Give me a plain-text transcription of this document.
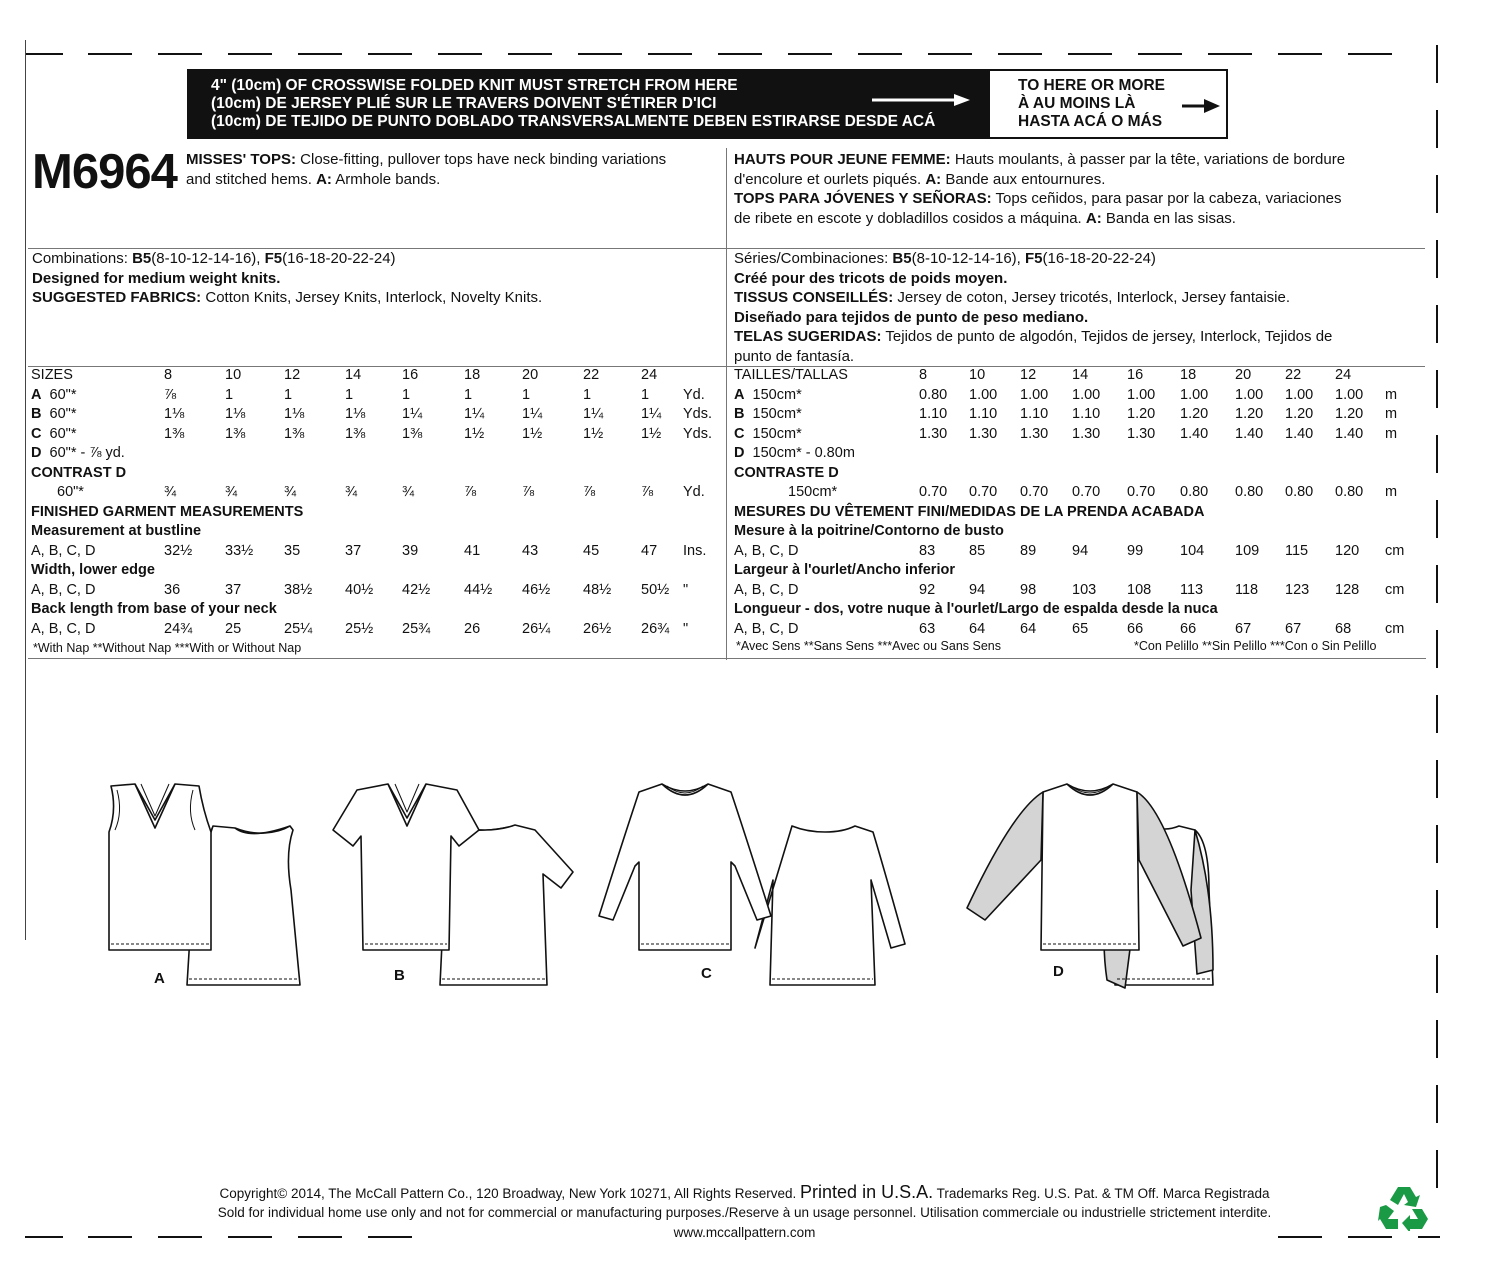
4" (10cm) OF CROSSWISE FOLDED KNIT MUST STRETCH FROM HERE
(10cm) DE JERSEY PLIÉ SUR LE TRAVERS DOIVENT S'ÉTIRER D'ICI
(10cm) DE TEJIDO DE PUNTO DOBLADO TRANSVERSALMENTE DEBEN ESTIRARSE DESDE ACÁ
TO HERE OR MORE
À AU MOINS LÀ
HASTA ACÁ O MÁS
M6964 MISSES' TOPS: Close-fitting, pullover tops have neck binding variations
and stitched hems. A: Armhole bands.
Combinations: B5(8-10-12-14-16), F5(16-18-20-22-24)
Designed for medium weight knits.
SUGGESTED FABRICS: Cotton Knits, Jersey Knits, Interlock, Novelty Knits.
HAUTS POUR JEUNE FEMME: Hauts moulants, à passer par la tête, variations de bordure
d'encolure et ourlets piqués. A: Bande aux entournures.
TOPS PARA JÓVENES Y SEÑORAS: Tops ceñidos, para pasar por la cabeza, variaciones
de ribete en escote y dobladillos cosidos a máquina. A: Banda en las sisas.
Séries/Combinaciones: B5(8-10-12-14-16), F5(16-18-20-22-24)
Créé pour des tricots de poids moyen.
TISSUS CONSEILLÉS: Jersey de coton, Jersey tricotés, Interlock, Jersey fantaisie.
Diseñado para tejidos de punto de peso mediano.
TELAS SUGERIDAS: Tejidos de punto de algodón, Tejidos de jersey, Interlock, Tejidos de
punto de fantasía.
SIZES	8	10	12	14	16	18	20	22	24	
A  60"*	⅞	1	1	1	1	1	1	1	1	Yd.
B  60"*	1⅛	1⅛	1⅛	1⅛	1¼	1¼	1¼	1¼	1¼	Yds.
C  60"*	1⅜	1⅜	1⅜	1⅜	1⅜	1½	1½	1½	1½	Yds.
D  60"* - ⅞ yd.										
CONTRAST D										
60"*	¾	¾	¾	¾	¾	⅞	⅞	⅞	⅞	Yd.
FINISHED GARMENT MEASUREMENTS										
Measurement at bustline										
A, B, C, D	32½	33½	35	37	39	41	43	45	47	Ins.
Width, lower edge										
A, B, C, D	36	37	38½	40½	42½	44½	46½	48½	50½	"
Back length from base of your neck										
A, B, C, D	24¾	25	25¼	25½	25¾	26	26¼	26½	26¾	"
TAILLES/TALLAS	8	10	12	14	16	18	20	22	24	
A  150cm*	0.80	1.00	1.00	1.00	1.00	1.00	1.00	1.00	1.00	m
B  150cm*	1.10	1.10	1.10	1.10	1.20	1.20	1.20	1.20	1.20	m
C  150cm*	1.30	1.30	1.30	1.30	1.30	1.40	1.40	1.40	1.40	m
D  150cm* - 0.80m										
CONTRASTE D										
150cm*	0.70	0.70	0.70	0.70	0.70	0.80	0.80	0.80	0.80	m
MESURES DU VÊTEMENT FINI/MEDIDAS DE LA PRENDA ACABADA										
Mesure à la poitrine/Contorno de busto										
A, B, C, D	83	85	89	94	99	104	109	115	120	cm
Largeur à l'ourlet/Ancho inferior										
A, B, C, D	92	94	98	103	108	113	118	123	128	cm
Longueur - dos, votre nuque à l'ourlet/Largo de espalda desde la nuca										
A, B, C, D	63	64	64	65	66	66	67	67	68	cm
*With Nap **Without Nap ***With or Without Nap	*Avec Sens **Sans Sens ***Avec ou Sans Sens	*Con Pelillo **Sin Pelillo ***Con o Sin Pelillo
A	B	C	D
Copyright© 2014, The McCall Pattern Co., 120 Broadway, New York 10271, All Rights Reserved. Printed in U.S.A. Trademarks Reg. U.S. Pat. & TM Off. Marca Registrada
Sold for individual home use only and not for commercial or manufacturing purposes./Reserve à un usage personnel. Utilisation commerciale ou industrielle strictement interdite.
www.mccallpattern.com
